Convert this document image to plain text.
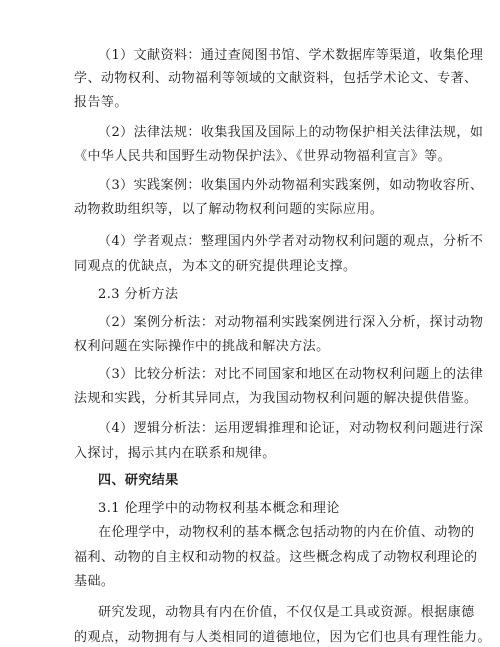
（1）文献资料：通过查阅图书馆、学术数据库等渠道，收集伦理
学、动物权利、动物福利等领域的文献资料，包括学术论文、专著、
报告等。
（2）法律法规：收集我国及国际上的动物保护相关法律法规，如
《中华人民共和国野生动物保护法》、《世界动物福利宣言》等。
（3）实践案例：收集国内外动物福利实践案例，如动物收容所、
动物救助组织等，以了解动物权利问题的实际应用。
（4）学者观点：整理国内外学者对动物权利问题的观点，分析不
同观点的优缺点，为本文的研究提供理论支撑。
2.3 分析方法
（2）案例分析法：对动物福利实践案例进行深入分析，探讨动物
权利问题在实际操作中的挑战和解决方法。
（3）比较分析法：对比不同国家和地区在动物权利问题上的法律
法规和实践，分析其异同点，为我国动物权利问题的解决提供借鉴。
（4）逻辑分析法：运用逻辑推理和论证，对动物权利问题进行深
入探讨，揭示其内在联系和规律。
四、研究结果
3.1 伦理学中的动物权利基本概念和理论
在伦理学中，动物权利的基本概念包括动物的内在价值、动物的
福利、动物的自主权和动物的权益。这些概念构成了动物权利理论的
基础。
研究发现，动物具有内在价值，不仅仅是工具或资源。根据康德
的观点，动物拥有与人类相同的道德地位，因为它们也具有理性能力。
